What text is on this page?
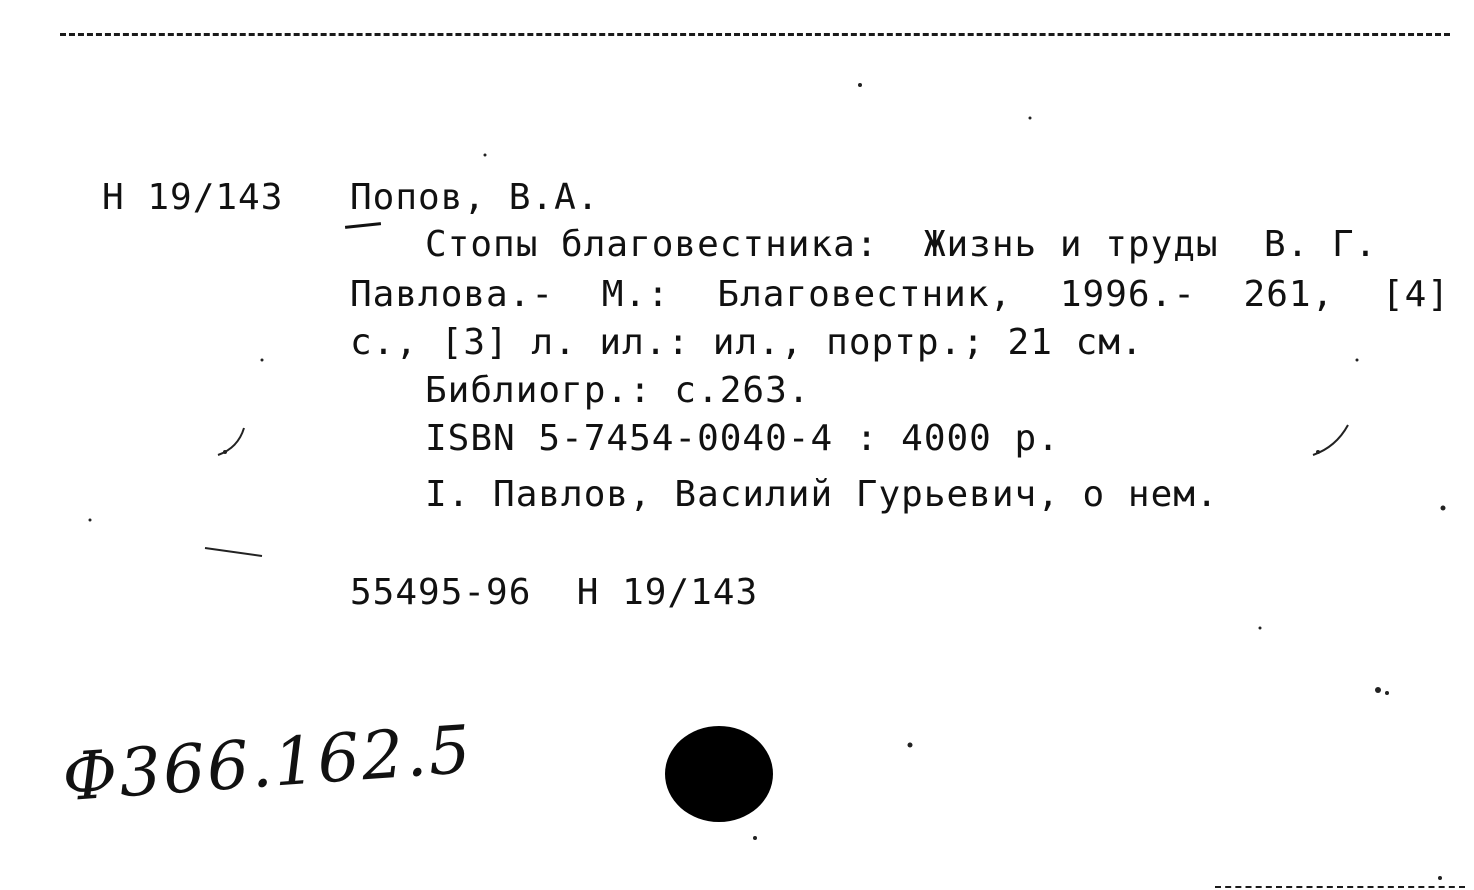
Н 19/143 Попов, В.А.
Стопы благовестника:  Жизнь и труды  В. Г.
Павлова.- М.: Благовестник, 1996.- 261, [4]
с., [3] л. ил.: ил., портр.; 21 см.
Библиогр.: с.263.
ISBN 5-7454-0040-4 : 4000 р.
I. Павлов, Василий Гурьевич, о нем.
55495-96  Н 19/143
Ф366.162.5
